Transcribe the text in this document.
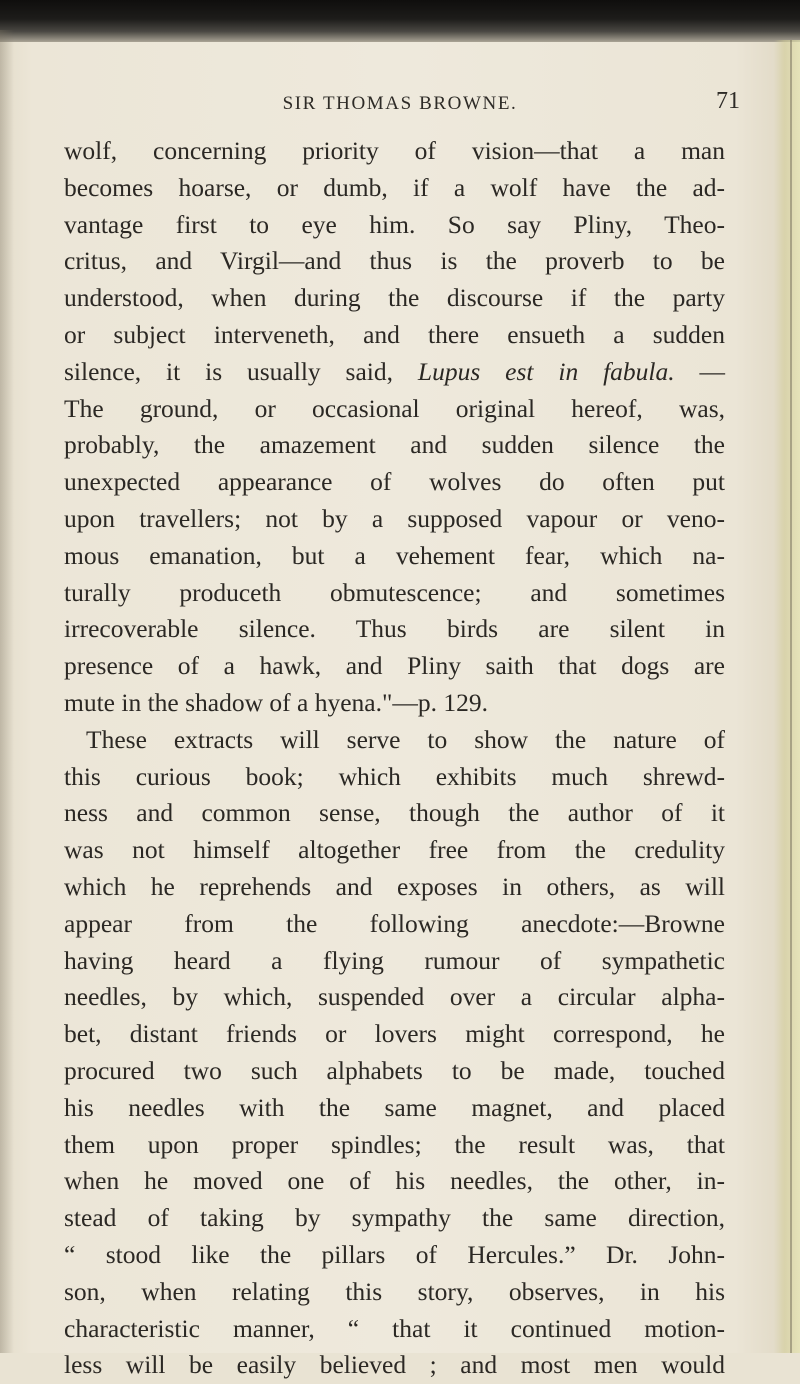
SIR THOMAS BROWNE.	71
wolf, concerning priority of vision—that a man
becomes hoarse, or dumb, if a wolf have the ad-
vantage first to eye him. So say Pliny, Theo-
critus, and Virgil—and thus is the proverb to be
understood, when during the discourse if the party
or subject interveneth, and there ensueth a sudden
silence, it is usually said, Lupus est in fabula. —
The ground, or occasional original hereof, was,
probably, the amazement and sudden silence the
unexpected appearance of wolves do often put
upon travellers; not by a supposed vapour or veno-
mous emanation, but a vehement fear, which na-
turally produceth obmutescence; and sometimes
irrecoverable silence. Thus birds are silent in
presence of a hawk, and Pliny saith that dogs are
mute in the shadow of a hyena."—p. 129.
These extracts will serve to show the nature of
this curious book; which exhibits much shrewd-
ness and common sense, though the author of it
was not himself altogether free from the credulity
which he reprehends and exposes in others, as will
appear from the following anecdote:—Browne
having heard a flying rumour of sympathetic
needles, by which, suspended over a circular alpha-
bet, distant friends or lovers might correspond, he
procured two such alphabets to be made, touched
his needles with the same magnet, and placed
them upon proper spindles; the result was, that
when he moved one of his needles, the other, in-
stead of taking by sympathy the same direction,
“ stood like the pillars of Hercules.” Dr. John-
son, when relating this story, observes, in his
characteristic manner, “ that it continued motion-
less will be easily believed ; and most men would
